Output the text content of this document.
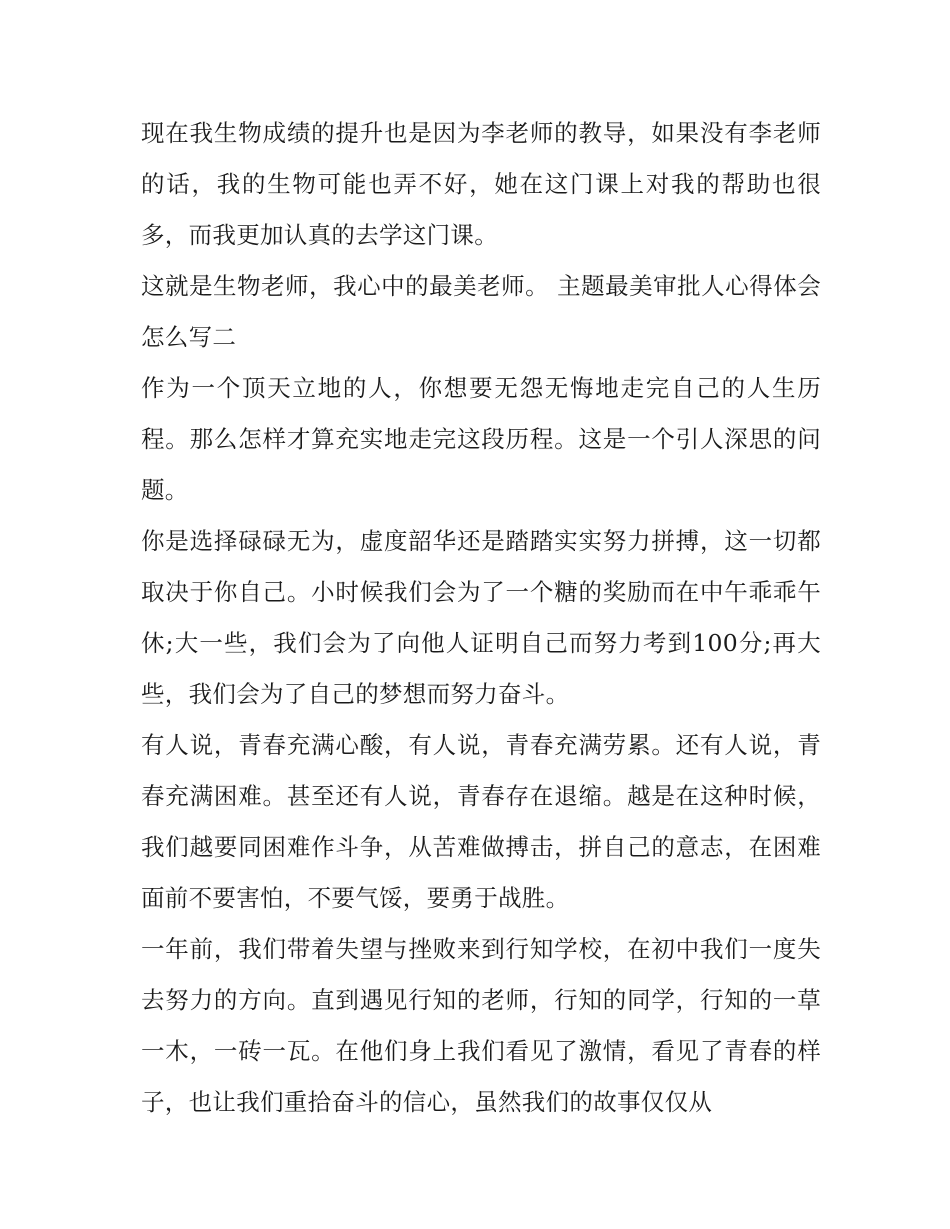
现在我生物成绩的提升也是因为李老师的教导，如果没有李老师的话，我的生物可能也弄不好，她在这门课上对我的帮助也很多，而我更加认真的去学这门课。

这就是生物老师，我心中的最美老师。 主题最美审批人心得体会怎么写二

作为一个顶天立地的人，你想要无怨无悔地走完自己的人生历程。那么怎样才算充实地走完这段历程。这是一个引人深思的问题。

你是选择碌碌无为，虚度韶华还是踏踏实实努力拼搏，这一切都取决于你自己。小时候我们会为了一个糖的奖励而在中午乖乖午休;大一些，我们会为了向他人证明自己而努力考到100分;再大些，我们会为了自己的梦想而努力奋斗。

有人说，青春充满心酸，有人说，青春充满劳累。还有人说，青春充满困难。甚至还有人说，青春存在退缩。越是在这种时候，我们越要同困难作斗争，从苦难做搏击，拼自己的意志，在困难面前不要害怕，不要气馁，要勇于战胜。

一年前，我们带着失望与挫败来到行知学校，在初中我们一度失去努力的方向。直到遇见行知的老师，行知的同学，行知的一草一木，一砖一瓦。在他们身上我们看见了激情，看见了青春的样子，也让我们重拾奋斗的信心，虽然我们的故事仅仅从
